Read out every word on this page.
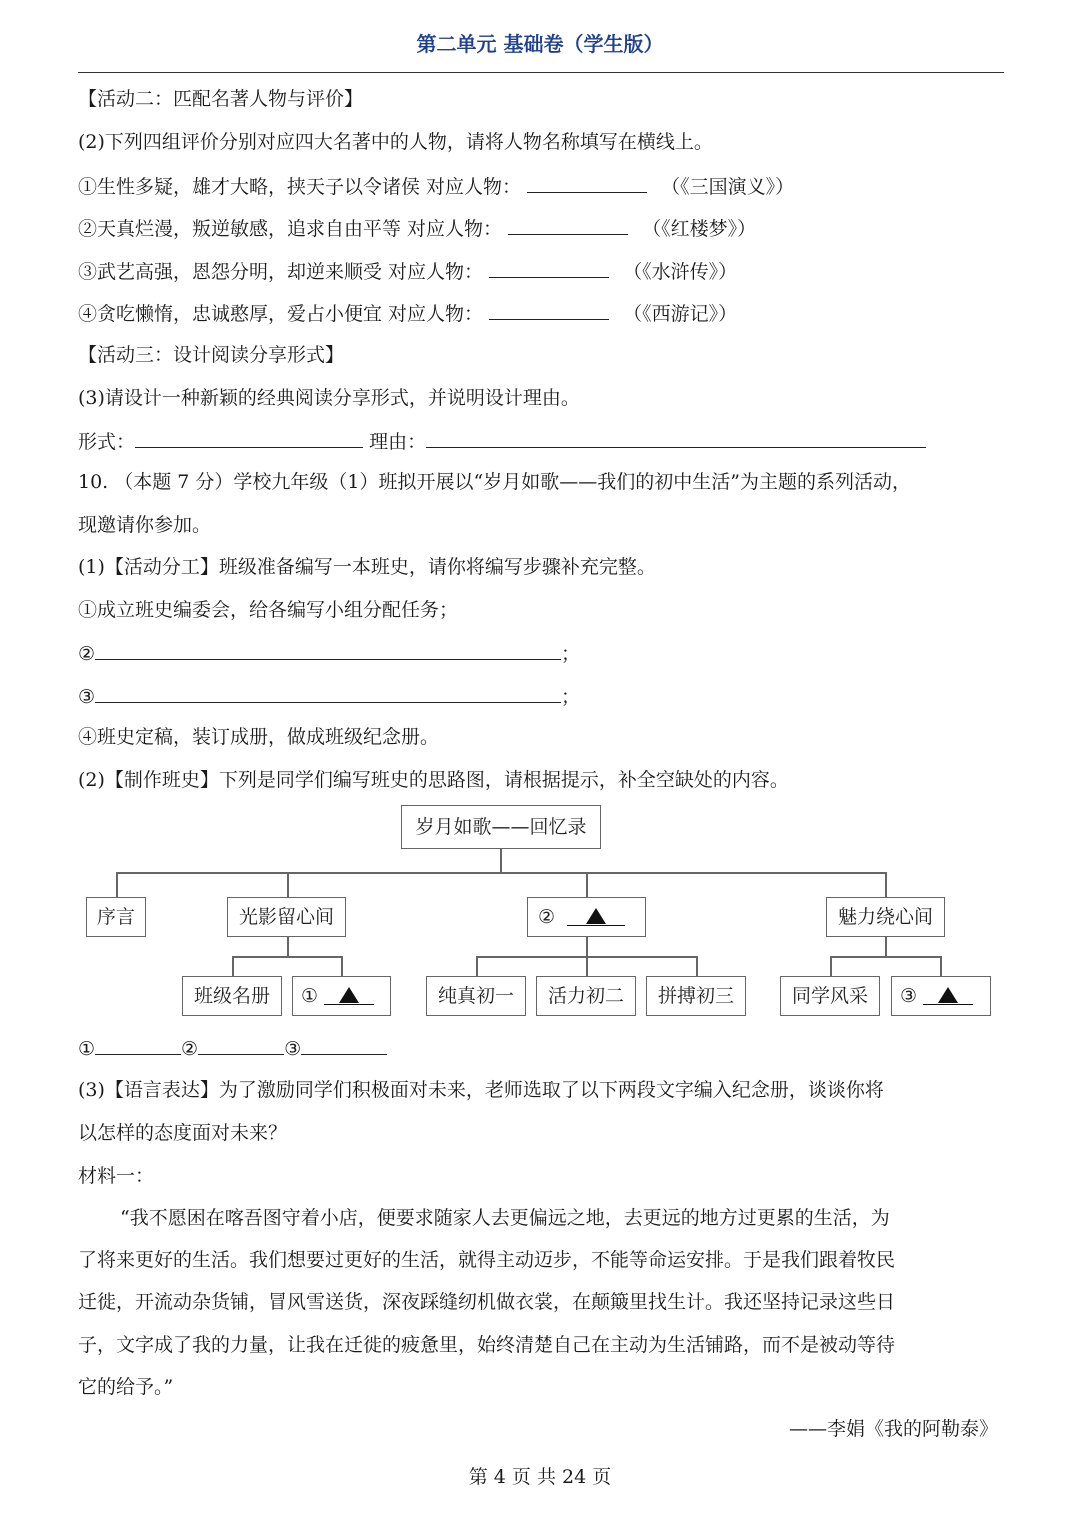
第二单元 基础卷（学生版）
【活动二：匹配名著人物与评价】
(2)下列四组评价分别对应四大名著中的人物，请将人物名称填写在横线上。
①生性多疑，雄才大略，挟天子以令诸侯 对应人物：	（《三国演义》）
②天真烂漫，叛逆敏感，追求自由平等 对应人物：	（《红楼梦》）
③武艺高强，恩怨分明，却逆来顺受 对应人物：	（《水浒传》）
④贪吃懒惰，忠诚憨厚，爱占小便宜 对应人物：	（《西游记》）
【活动三：设计阅读分享形式】
(3)请设计一种新颖的经典阅读分享形式，并说明设计理由。
形式：	理由：
10. （本题 7 分）学校九年级（1）班拟开展以“岁月如歌——我们的初中生活”为主题的系列活动，
现邀请你参加。
(1)【活动分工】班级准备编写一本班史，请你将编写步骤补充完整。
①成立班史编委会，给各编写小组分配任务；
②	；
③	；
④班史定稿，装订成册，做成班级纪念册。
(2)【制作班史】下列是同学们编写班史的思路图，请根据提示，补全空缺处的内容。
岁月如歌——回忆录
序言	光影留心间	②	魅力绕心间
班级名册	①	纯真初一	活力初二	拼搏初三	同学风采	③
①	②	③
(3)【语言表达】为了激励同学们积极面对未来，老师选取了以下两段文字编入纪念册，谈谈你将
以怎样的态度面对未来？
材料一：
“我不愿困在喀吾图守着小店，便要求随家人去更偏远之地，去更远的地方过更累的生活，为
了将来更好的生活。我们想要过更好的生活，就得主动迈步，不能等命运安排。于是我们跟着牧民
迁徙，开流动杂货铺，冒风雪送货，深夜踩缝纫机做衣裳，在颠簸里找生计。我还坚持记录这些日
子，文字成了我的力量，让我在迁徙的疲惫里，始终清楚自己在主动为生活铺路，而不是被动等待
它的给予。”
——李娟《我的阿勒泰》
第 4 页 共 24 页
